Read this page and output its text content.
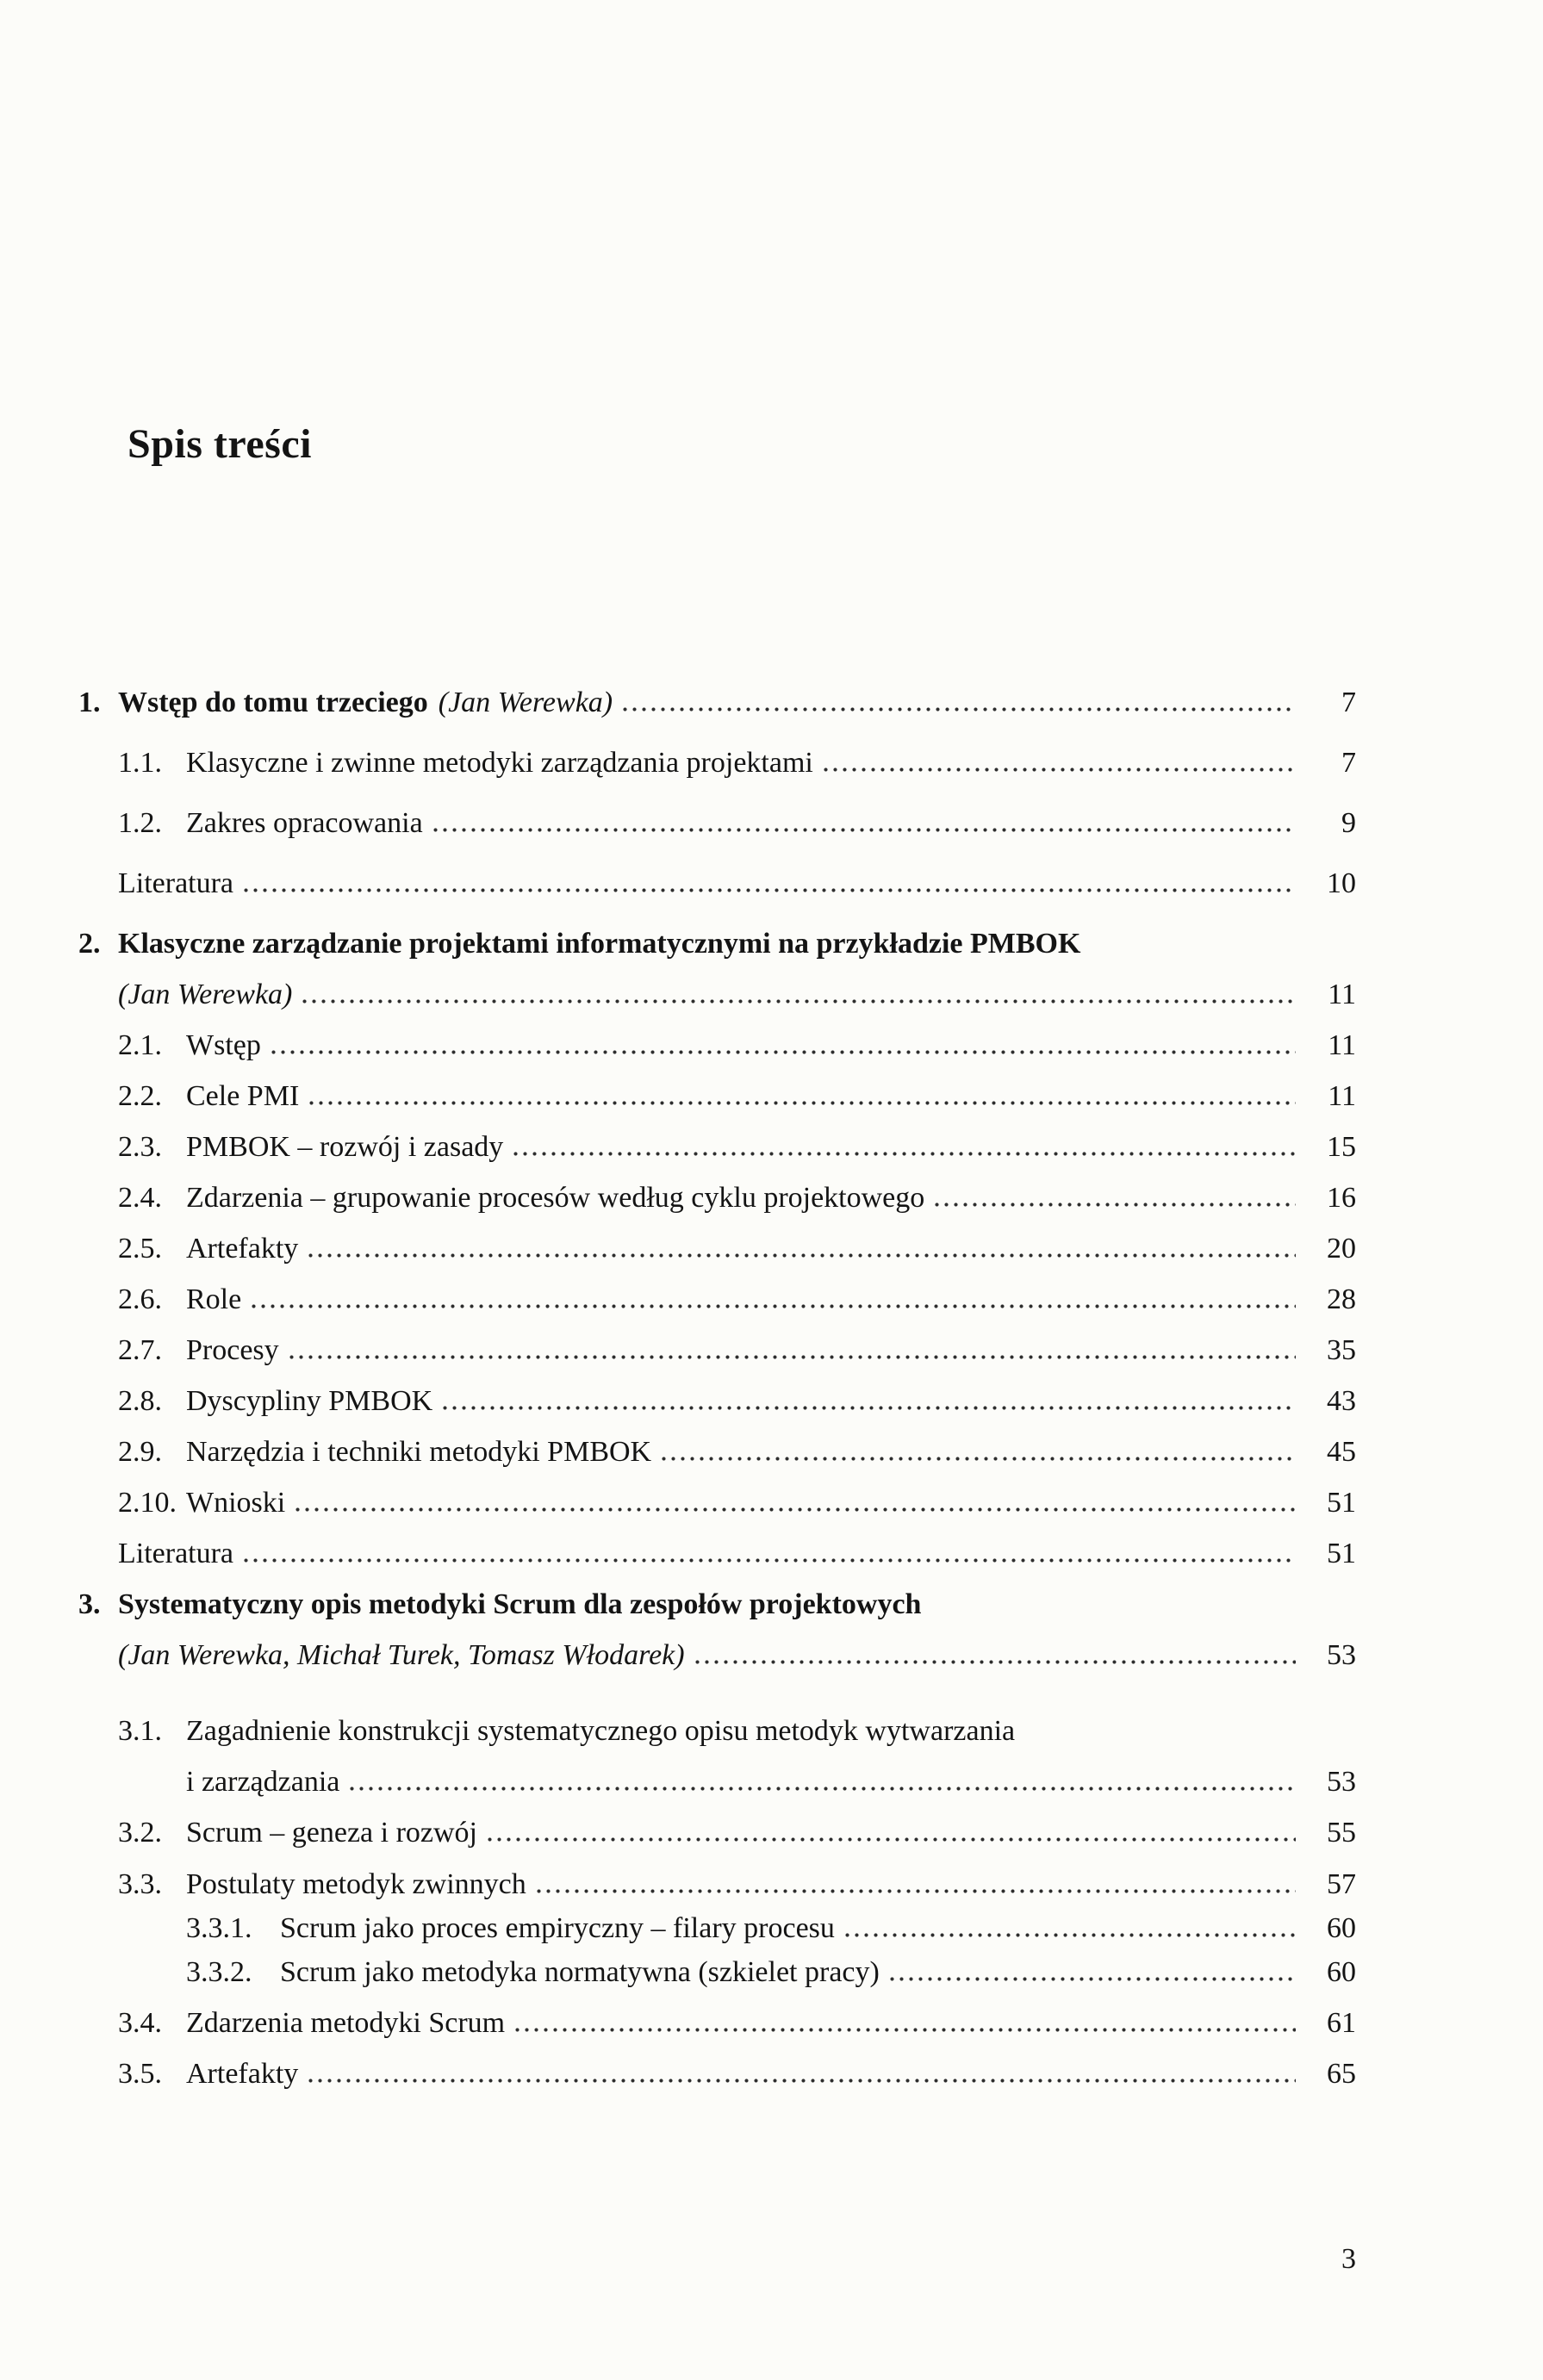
Spis treści
1. Wstęp do tomu trzeciego (Jan Werewka)	7
1.1. Klasyczne i zwinne metodyki zarządzania projektami	7
1.2. Zakres opracowania	9
Literatura	10
2. Klasyczne zarządzanie projektami informatycznymi na przykładzie PMBOK
(Jan Werewka)	11
2.1. Wstęp	11
2.2. Cele PMI	11
2.3. PMBOK – rozwój i zasady	15
2.4. Zdarzenia – grupowanie procesów według cyklu projektowego	16
2.5. Artefakty	20
2.6. Role	28
2.7. Procesy	35
2.8. Dyscypliny PMBOK	43
2.9. Narzędzia i techniki metodyki PMBOK	45
2.10. Wnioski	51
Literatura	51
3. Systematyczny opis metodyki Scrum dla zespołów projektowych
(Jan Werewka, Michał Turek, Tomasz Włodarek)	53
3.1. Zagadnienie konstrukcji systematycznego opisu metodyk wytwarzania
i zarządzania	53
3.2. Scrum – geneza i rozwój	55
3.3. Postulaty metodyk zwinnych	57
3.3.1. Scrum jako proces empiryczny – filary procesu	60
3.3.2. Scrum jako metodyka normatywna (szkielet pracy)	60
3.4. Zdarzenia metodyki Scrum	61
3.5. Artefakty	65
3
